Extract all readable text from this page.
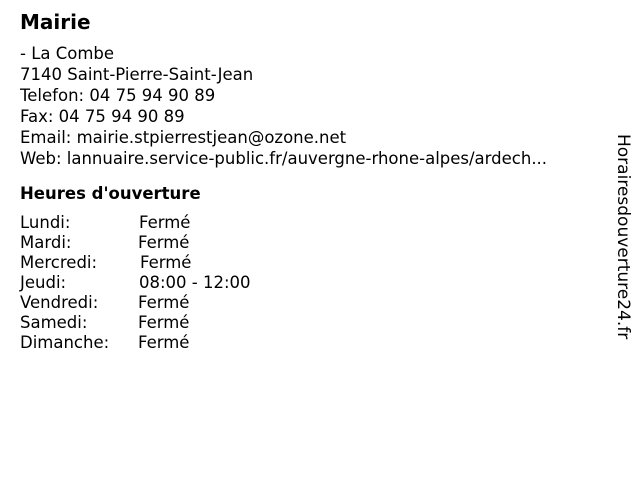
Mairie
- La Combe
7140 Saint-Pierre-Saint-Jean
Telefon: 04 75 94 90 89
Fax: 04 75 94 90 89
Email: mairie.stpierrestjean@ozone.net
Web: lannuaire.service-public.fr/auvergne-rhone-alpes/ardech...
Heures d'ouverture
Lundi:	Fermé
Mardi:	Fermé
Mercredi:	Fermé
Jeudi:	08:00 - 12:00
Vendredi:	Fermé
Samedi:	Fermé
Dimanche:	Fermé
Horairesdouverture24.fr
